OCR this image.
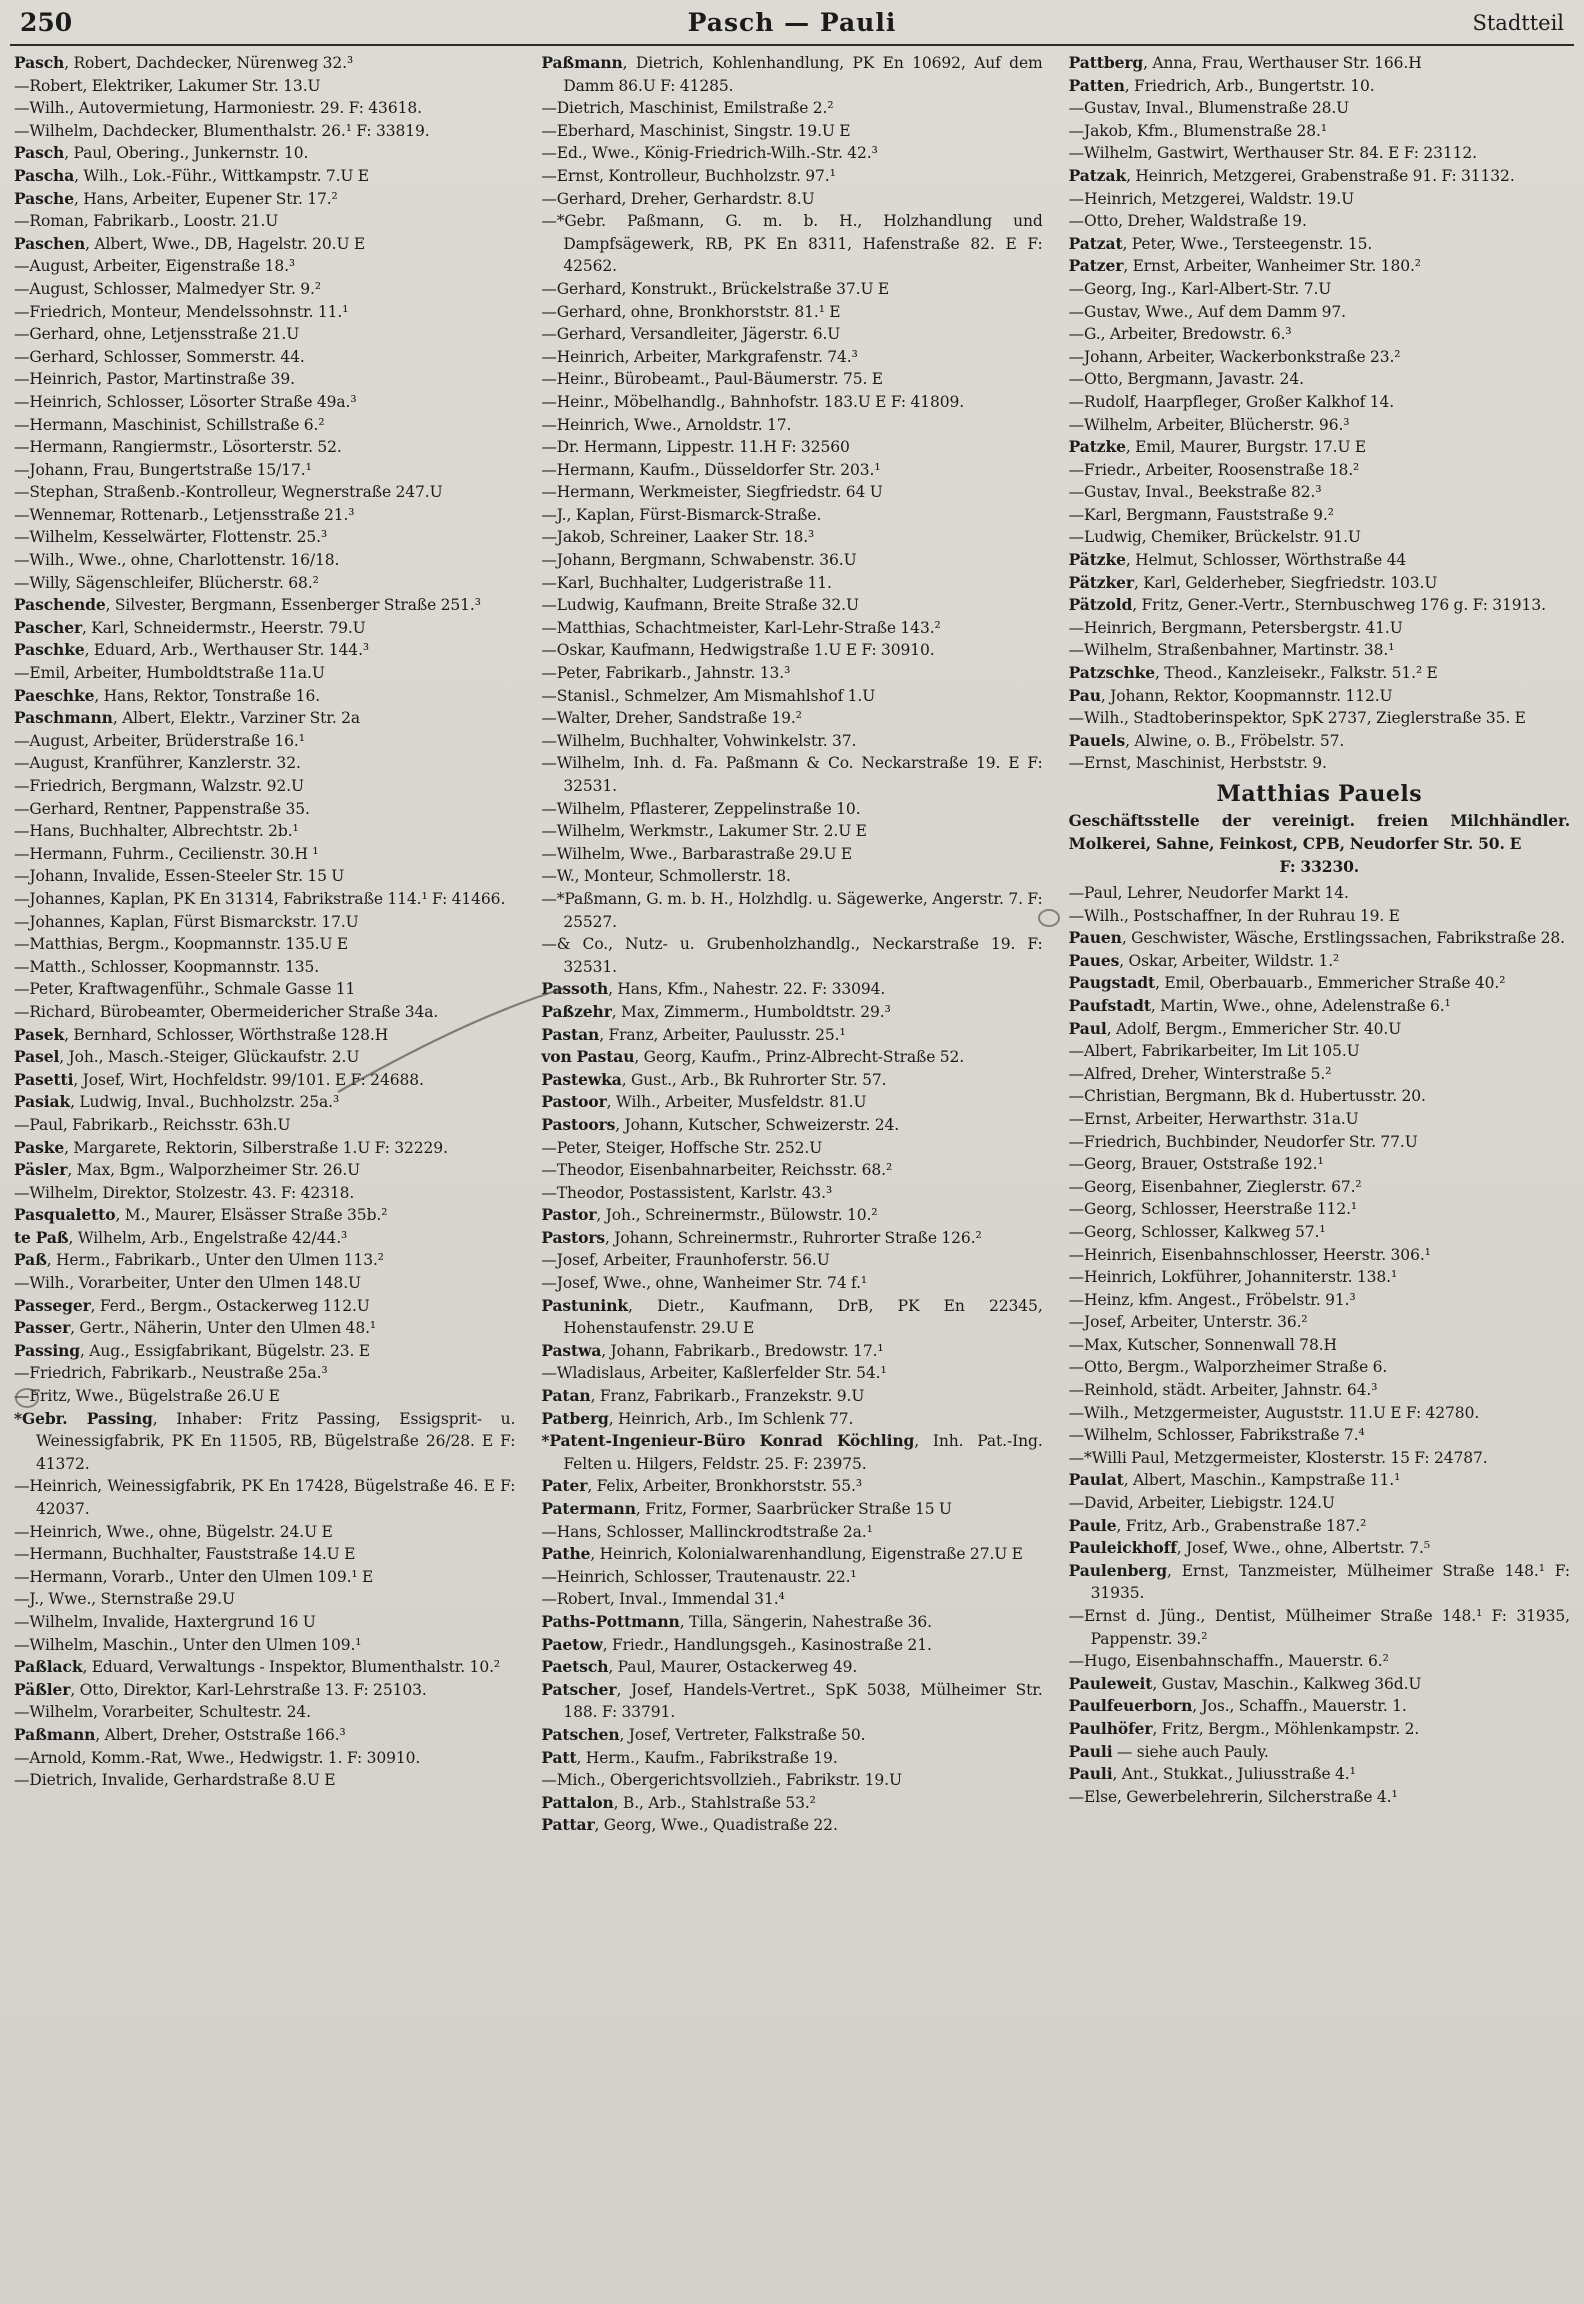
250	Pasch — Pauli	Stadtteil

Pasch, Robert, Dachdecker, Nürenweg 32.³

—Robert, Elektriker, Lakumer Str. 13.U

—Wilh., Autovermietung, Harmoniestr. 29. F: 43618.

—Wilhelm, Dachdecker, Blumenthalstr. 26.¹ F: 33819.

Pasch, Paul, Obering., Junkernstr. 10.

Pascha, Wilh., Lok.-Führ., Wittkampstr. 7.U E

Pasche, Hans, Arbeiter, Eupener Str. 17.²

—Roman, Fabrikarb., Loostr. 21.U

Paschen, Albert, Wwe., DB, Hagelstr. 20.U E

—August, Arbeiter, Eigenstraße 18.³

—August, Schlosser, Malmedyer Str. 9.²

—Friedrich, Monteur, Mendelssohnstr. 11.¹

—Gerhard, ohne, Letjensstraße 21.U

—Gerhard, Schlosser, Sommerstr. 44.

—Heinrich, Pastor, Martinstraße 39.

—Heinrich, Schlosser, Lösorter Straße 49a.³

—Hermann, Maschinist, Schillstraße 6.²

—Hermann, Rangiermstr., Lösorterstr. 52.

—Johann, Frau, Bungertstraße 15/17.¹

—Stephan, Straßenb.-Kontrolleur, Wegnerstraße 247.U

—Wennemar, Rottenarb., Letjensstraße 21.³

—Wilhelm, Kesselwärter, Flottenstr. 25.³

—Wilh., Wwe., ohne, Charlottenstr. 16/18.

—Willy, Sägenschleifer, Blücherstr. 68.²

Paschende, Silvester, Bergmann, Essenberger Straße 251.³

Pascher, Karl, Schneidermstr., Heerstr. 79.U

Paschke, Eduard, Arb., Werthauser Str. 144.³

—Emil, Arbeiter, Humboldtstraße 11a.U

Paeschke, Hans, Rektor, Tonstraße 16.

Paschmann, Albert, Elektr., Varziner Str. 2a

—August, Arbeiter, Brüderstraße 16.¹

—August, Kranführer, Kanzlerstr. 32.

—Friedrich, Bergmann, Walzstr. 92.U

—Gerhard, Rentner, Pappenstraße 35.

—Hans, Buchhalter, Albrechtstr. 2b.¹

—Hermann, Fuhrm., Cecilienstr. 30.H ¹

—Johann, Invalide, Essen-Steeler Str. 15 U

—Johannes, Kaplan, PK En 31314, Fabrikstraße 114.¹ F: 41466.

—Johannes, Kaplan, Fürst Bismarckstr. 17.U

—Matthias, Bergm., Koopmannstr. 135.U E

—Matth., Schlosser, Koopmannstr. 135.

—Peter, Kraftwagenführ., Schmale Gasse 11

—Richard, Bürobeamter, Obermeidericher Straße 34a.

Pasek, Bernhard, Schlosser, Wörthstraße 128.H

Pasel, Joh., Masch.-Steiger, Glückaufstr. 2.U

Pasetti, Josef, Wirt, Hochfeldstr. 99/101. E F: 24688.

Pasiak, Ludwig, Inval., Buchholzstr. 25a.³

—Paul, Fabrikarb., Reichsstr. 63h.U

Paske, Margarete, Rektorin, Silberstraße 1.U F: 32229.

Päsler, Max, Bgm., Walporzheimer Str. 26.U

—Wilhelm, Direktor, Stolzestr. 43. F: 42318.

Pasqualetto, M., Maurer, Elsässer Straße 35b.²

te Paß, Wilhelm, Arb., Engelstraße 42/44.³

Paß, Herm., Fabrikarb., Unter den Ulmen 113.²

—Wilh., Vorarbeiter, Unter den Ulmen 148.U

Passeger, Ferd., Bergm., Ostackerweg 112.U

Passer, Gertr., Näherin, Unter den Ulmen 48.¹

Passing, Aug., Essigfabrikant, Bügelstr. 23. E

—Friedrich, Fabrikarb., Neustraße 25a.³

—Fritz, Wwe., Bügelstraße 26.U E

*Gebr. Passing, Inhaber: Fritz Passing, Essigsprit- u. Weinessigfabrik, PK En 11505, RB, Bügelstraße 26/28. E F: 41372.

—Heinrich, Weinessigfabrik, PK En 17428, Bügelstraße 46. E F: 42037.

—Heinrich, Wwe., ohne, Bügelstr. 24.U E

—Hermann, Buchhalter, Fauststraße 14.U E

—Hermann, Vorarb., Unter den Ulmen 109.¹ E

—J., Wwe., Sternstraße 29.U

—Wilhelm, Invalide, Haxtergrund 16 U

—Wilhelm, Maschin., Unter den Ulmen 109.¹

Paßlack, Eduard, Verwaltungs - Inspektor, Blumenthalstr. 10.²

Päßler, Otto, Direktor, Karl-Lehrstraße 13. F: 25103.

—Wilhelm, Vorarbeiter, Schultestr. 24.

Paßmann, Albert, Dreher, Oststraße 166.³

—Arnold, Komm.-Rat, Wwe., Hedwigstr. 1. F: 30910.

—Dietrich, Invalide, Gerhardstraße 8.U E

Paßmann, Dietrich, Kohlenhandlung, PK En 10692, Auf dem Damm 86.U F: 41285.

—Dietrich, Maschinist, Emilstraße 2.²

—Eberhard, Maschinist, Singstr. 19.U E

—Ed., Wwe., König-Friedrich-Wilh.-Str. 42.³

—Ernst, Kontrolleur, Buchholzstr. 97.¹

—Gerhard, Dreher, Gerhardstr. 8.U

—*Gebr. Paßmann, G. m. b. H., Holzhandlung und Dampfsägewerk, RB, PK En 8311, Hafenstraße 82. E F: 42562.

—Gerhard, Konstrukt., Brückelstraße 37.U E

—Gerhard, ohne, Bronkhorststr. 81.¹ E

—Gerhard, Versandleiter, Jägerstr. 6.U

—Heinrich, Arbeiter, Markgrafenstr. 74.³

—Heinr., Bürobeamt., Paul-Bäumerstr. 75. E

—Heinr., Möbelhandlg., Bahnhofstr. 183.U E F: 41809.

—Heinrich, Wwe., Arnoldstr. 17.

—Dr. Hermann, Lippestr. 11.H F: 32560

—Hermann, Kaufm., Düsseldorfer Str. 203.¹

—Hermann, Werkmeister, Siegfriedstr. 64 U

—J., Kaplan, Fürst-Bismarck-Straße.

—Jakob, Schreiner, Laaker Str. 18.³

—Johann, Bergmann, Schwabenstr. 36.U

—Karl, Buchhalter, Ludgeristraße 11.

—Ludwig, Kaufmann, Breite Straße 32.U

—Matthias, Schachtmeister, Karl-Lehr-Straße 143.²

—Oskar, Kaufmann, Hedwigstraße 1.U E F: 30910.

—Peter, Fabrikarb., Jahnstr. 13.³

—Stanisl., Schmelzer, Am Mismahlshof 1.U

—Walter, Dreher, Sandstraße 19.²

—Wilhelm, Buchhalter, Vohwinkelstr. 37.

—Wilhelm, Inh. d. Fa. Paßmann & Co. Neckarstraße 19. E F: 32531.

—Wilhelm, Pflasterer, Zeppelinstraße 10.

—Wilhelm, Werkmstr., Lakumer Str. 2.U E

—Wilhelm, Wwe., Barbarastraße 29.U E

—W., Monteur, Schmollerstr. 18.

—*Paßmann, G. m. b. H., Holzhdlg. u. Sägewerke, Angerstr. 7. F: 25527.

—& Co., Nutz- u. Grubenholzhandlg., Neckarstraße 19. F: 32531.

Passoth, Hans, Kfm., Nahestr. 22. F: 33094.

Paßzehr, Max, Zimmerm., Humboldtstr. 29.³

Pastan, Franz, Arbeiter, Paulusstr. 25.¹

von Pastau, Georg, Kaufm., Prinz-Albrecht-Straße 52.

Pastewka, Gust., Arb., Bk Ruhrorter Str. 57.

Pastoor, Wilh., Arbeiter, Musfeldstr. 81.U

Pastoors, Johann, Kutscher, Schweizerstr. 24.

—Peter, Steiger, Hoffsche Str. 252.U

—Theodor, Eisenbahnarbeiter, Reichsstr. 68.²

—Theodor, Postassistent, Karlstr. 43.³

Pastor, Joh., Schreinermstr., Bülowstr. 10.²

Pastors, Johann, Schreinermstr., Ruhrorter Straße 126.²

—Josef, Arbeiter, Fraunhoferstr. 56.U

—Josef, Wwe., ohne, Wanheimer Str. 74 f.¹

Pastunink, Dietr., Kaufmann, DrB, PK En 22345, Hohenstaufenstr. 29.U E

Pastwa, Johann, Fabrikarb., Bredowstr. 17.¹

—Wladislaus, Arbeiter, Kaßlerfelder Str. 54.¹

Patan, Franz, Fabrikarb., Franzekstr. 9.U

Patberg, Heinrich, Arb., Im Schlenk 77.

*Patent-Ingenieur-Büro Konrad Köchling, Inh. Pat.-Ing. Felten u. Hilgers, Feldstr. 25. F: 23975.

Pater, Felix, Arbeiter, Bronkhorststr. 55.³

Patermann, Fritz, Former, Saarbrücker Straße 15 U

—Hans, Schlosser, Mallinckrodtstraße 2a.¹

Pathe, Heinrich, Kolonialwarenhandlung, Eigenstraße 27.U E

—Heinrich, Schlosser, Trautenaustr. 22.¹

—Robert, Inval., Immendal 31.⁴

Paths-Pottmann, Tilla, Sängerin, Nahestraße 36.

Paetow, Friedr., Handlungsgeh., Kasinostraße 21.

Paetsch, Paul, Maurer, Ostackerweg 49.

Patscher, Josef, Handels-Vertret., SpK 5038, Mülheimer Str. 188. F: 33791.

Patschen, Josef, Vertreter, Falkstraße 50.

Patt, Herm., Kaufm., Fabrikstraße 19.

—Mich., Obergerichtsvollzieh., Fabrikstr. 19.U

Pattalon, B., Arb., Stahlstraße 53.²

Pattar, Georg, Wwe., Quadistraße 22.

Pattberg, Anna, Frau, Werthauser Str. 166.H

Patten, Friedrich, Arb., Bungertstr. 10.

—Gustav, Inval., Blumenstraße 28.U

—Jakob, Kfm., Blumenstraße 28.¹

—Wilhelm, Gastwirt, Werthauser Str. 84. E F: 23112.

Patzak, Heinrich, Metzgerei, Grabenstraße 91. F: 31132.

—Heinrich, Metzgerei, Waldstr. 19.U

—Otto, Dreher, Waldstraße 19.

Patzat, Peter, Wwe., Tersteegenstr. 15.

Patzer, Ernst, Arbeiter, Wanheimer Str. 180.²

—Georg, Ing., Karl-Albert-Str. 7.U

—Gustav, Wwe., Auf dem Damm 97.

—G., Arbeiter, Bredowstr. 6.³

—Johann, Arbeiter, Wackerbonkstraße 23.²

—Otto, Bergmann, Javastr. 24.

—Rudolf, Haarpfleger, Großer Kalkhof 14.

—Wilhelm, Arbeiter, Blücherstr. 96.³

Patzke, Emil, Maurer, Burgstr. 17.U E

—Friedr., Arbeiter, Roosenstraße 18.²

—Gustav, Inval., Beekstraße 82.³

—Karl, Bergmann, Fauststraße 9.²

—Ludwig, Chemiker, Brückelstr. 91.U

Pätzke, Helmut, Schlosser, Wörthstraße 44

Pätzker, Karl, Gelderheber, Siegfriedstr. 103.U

Pätzold, Fritz, Gener.-Vertr., Sternbuschweg 176 g. F: 31913.

—Heinrich, Bergmann, Petersbergstr. 41.U

—Wilhelm, Straßenbahner, Martinstr. 38.¹

Patzschke, Theod., Kanzleisekr., Falkstr. 51.² E

Pau, Johann, Rektor, Koopmannstr. 112.U

—Wilh., Stadtoberinspektor, SpK 2737, Zieglerstraße 35. E

Pauels, Alwine, o. B., Fröbelstr. 57.

—Ernst, Maschinist, Herbststr. 9.

Matthias Pauels

Geschäftsstelle der vereinigt. freien Milchhändler. Molkerei, Sahne, Feinkost, CPB, Neudorfer Str. 50. E

F: 33230.

—Paul, Lehrer, Neudorfer Markt 14.

—Wilh., Postschaffner, In der Ruhrau 19. E

Pauen, Geschwister, Wäsche, Erstlingssachen, Fabrikstraße 28.

Paues, Oskar, Arbeiter, Wildstr. 1.²

Paugstadt, Emil, Oberbauarb., Emmericher Straße 40.²

Paufstadt, Martin, Wwe., ohne, Adelenstraße 6.¹

Paul, Adolf, Bergm., Emmericher Str. 40.U

—Albert, Fabrikarbeiter, Im Lit 105.U

—Alfred, Dreher, Winterstraße 5.²

—Christian, Bergmann, Bk d. Hubertusstr. 20.

—Ernst, Arbeiter, Herwarthstr. 31a.U

—Friedrich, Buchbinder, Neudorfer Str. 77.U

—Georg, Brauer, Oststraße 192.¹

—Georg, Eisenbahner, Zieglerstr. 67.²

—Georg, Schlosser, Heerstraße 112.¹

—Georg, Schlosser, Kalkweg 57.¹

—Heinrich, Eisenbahnschlosser, Heerstr. 306.¹

—Heinrich, Lokführer, Johanniterstr. 138.¹

—Heinz, kfm. Angest., Fröbelstr. 91.³

—Josef, Arbeiter, Unterstr. 36.²

—Max, Kutscher, Sonnenwall 78.H

—Otto, Bergm., Walporzheimer Straße 6.

—Reinhold, städt. Arbeiter, Jahnstr. 64.³

—Wilh., Metzgermeister, Auguststr. 11.U E F: 42780.

—Wilhelm, Schlosser, Fabrikstraße 7.⁴

—*Willi Paul, Metzgermeister, Klosterstr. 15 F: 24787.

Paulat, Albert, Maschin., Kampstraße 11.¹

—David, Arbeiter, Liebigstr. 124.U

Paule, Fritz, Arb., Grabenstraße 187.²

Pauleickhoff, Josef, Wwe., ohne, Albertstr. 7.⁵

Paulenberg, Ernst, Tanzmeister, Mülheimer Straße 148.¹ F: 31935.

—Ernst d. Jüng., Dentist, Mülheimer Straße 148.¹ F: 31935, Pappenstr. 39.²

—Hugo, Eisenbahnschaffn., Mauerstr. 6.²

Pauleweit, Gustav, Maschin., Kalkweg 36d.U

Paulfeuerborn, Jos., Schaffn., Mauerstr. 1.

Paulhöfer, Fritz, Bergm., Möhlenkampstr. 2.

Pauli — siehe auch Pauly.

Pauli, Ant., Stukkat., Juliusstraße 4.¹

—Else, Gewerbelehrerin, Silcherstraße 4.¹
